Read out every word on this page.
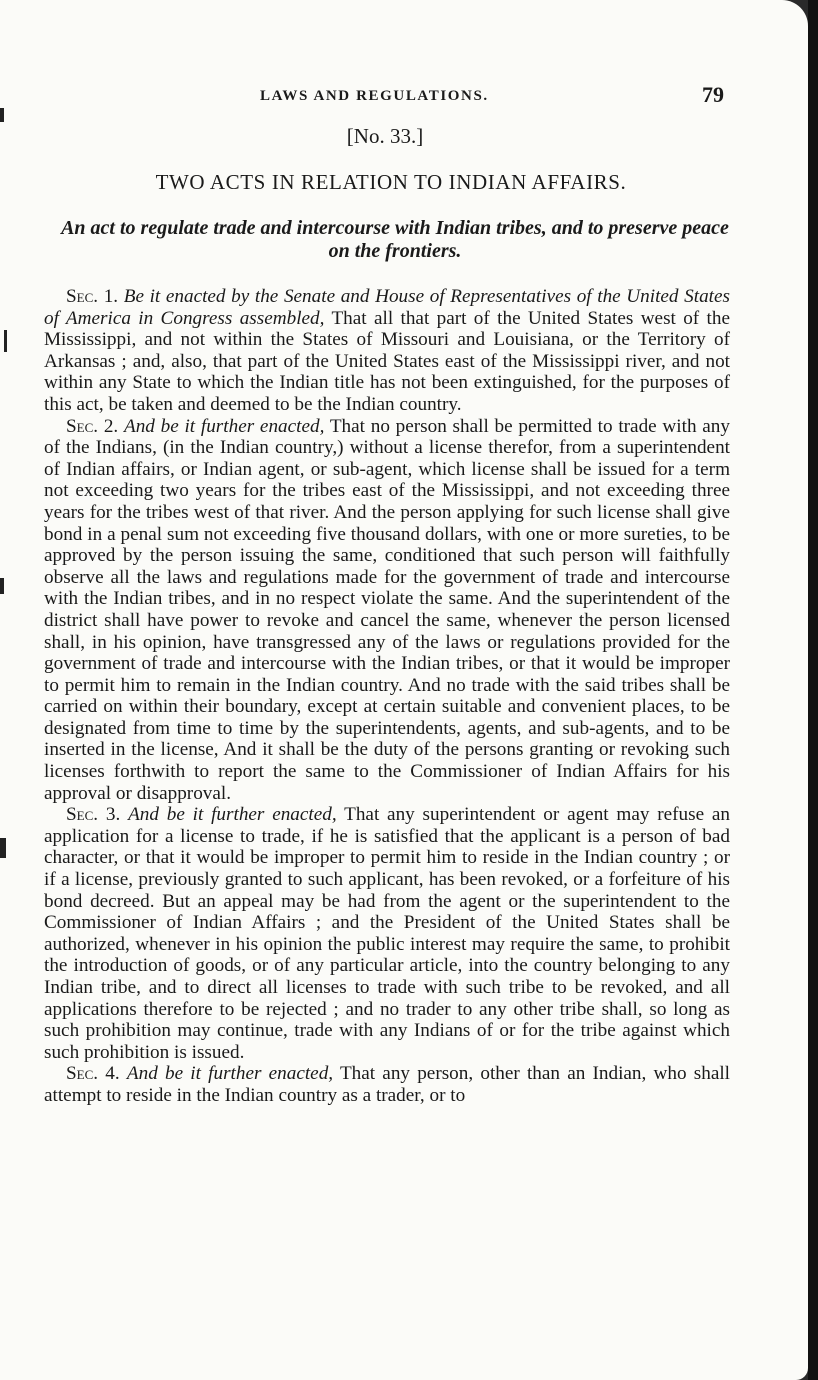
LAWS AND REGULATIONS.	79
[No. 33.]
TWO ACTS IN RELATION TO INDIAN AFFAIRS.
An act to regulate trade and intercourse with Indian tribes, and to preserve peace on the frontiers.

Sec. 1. Be it enacted by the Senate and House of Representatives of the United States of America in Congress assembled, That all that part of the United States west of the Mississippi, and not within the States of Missouri and Louisiana, or the Territory of Arkansas ; and, also, that part of the United States east of the Mississippi river, and not within any State to which the Indian title has not been extinguished, for the purposes of this act, be taken and deemed to be the Indian country.

Sec. 2. And be it further enacted, That no person shall be permitted to trade with any of the Indians, (in the Indian country,) without a license therefor, from a superintendent of Indian affairs, or Indian agent, or sub-agent, which license shall be issued for a term not exceeding two years for the tribes east of the Mississippi, and not exceeding three years for the tribes west of that river. And the person applying for such license shall give bond in a penal sum not exceeding five thousand dollars, with one or more sureties, to be approved by the person issuing the same, conditioned that such person will faithfully observe all the laws and regulations made for the government of trade and intercourse with the Indian tribes, and in no respect violate the same. And the superintendent of the district shall have power to revoke and cancel the same, whenever the person licensed shall, in his opinion, have transgressed any of the laws or regulations provided for the government of trade and intercourse with the Indian tribes, or that it would be improper to permit him to remain in the Indian country. And no trade with the said tribes shall be carried on within their boundary, except at certain suitable and convenient places, to be designated from time to time by the superintendents, agents, and sub-agents, and to be inserted in the license, And it shall be the duty of the persons granting or revoking such licenses forthwith to report the same to the Commissioner of Indian Affairs for his approval or disapproval.

Sec. 3. And be it further enacted, That any superintendent or agent may refuse an application for a license to trade, if he is satisfied that the applicant is a person of bad character, or that it would be improper to permit him to reside in the Indian country ; or if a license, previously granted to such applicant, has been revoked, or a forfeiture of his bond decreed. But an appeal may be had from the agent or the superintendent to the Commissioner of Indian Affairs ; and the President of the United States shall be authorized, whenever in his opinion the public interest may require the same, to prohibit the introduction of goods, or of any particular article, into the country belonging to any Indian tribe, and to direct all licenses to trade with such tribe to be revoked, and all applications therefore to be rejected ; and no trader to any other tribe shall, so long as such prohibition may continue, trade with any Indians of or for the tribe against which such prohibition is issued.

Sec. 4. And be it further enacted, That any person, other than an Indian, who shall attempt to reside in the Indian country as a trader, or to
